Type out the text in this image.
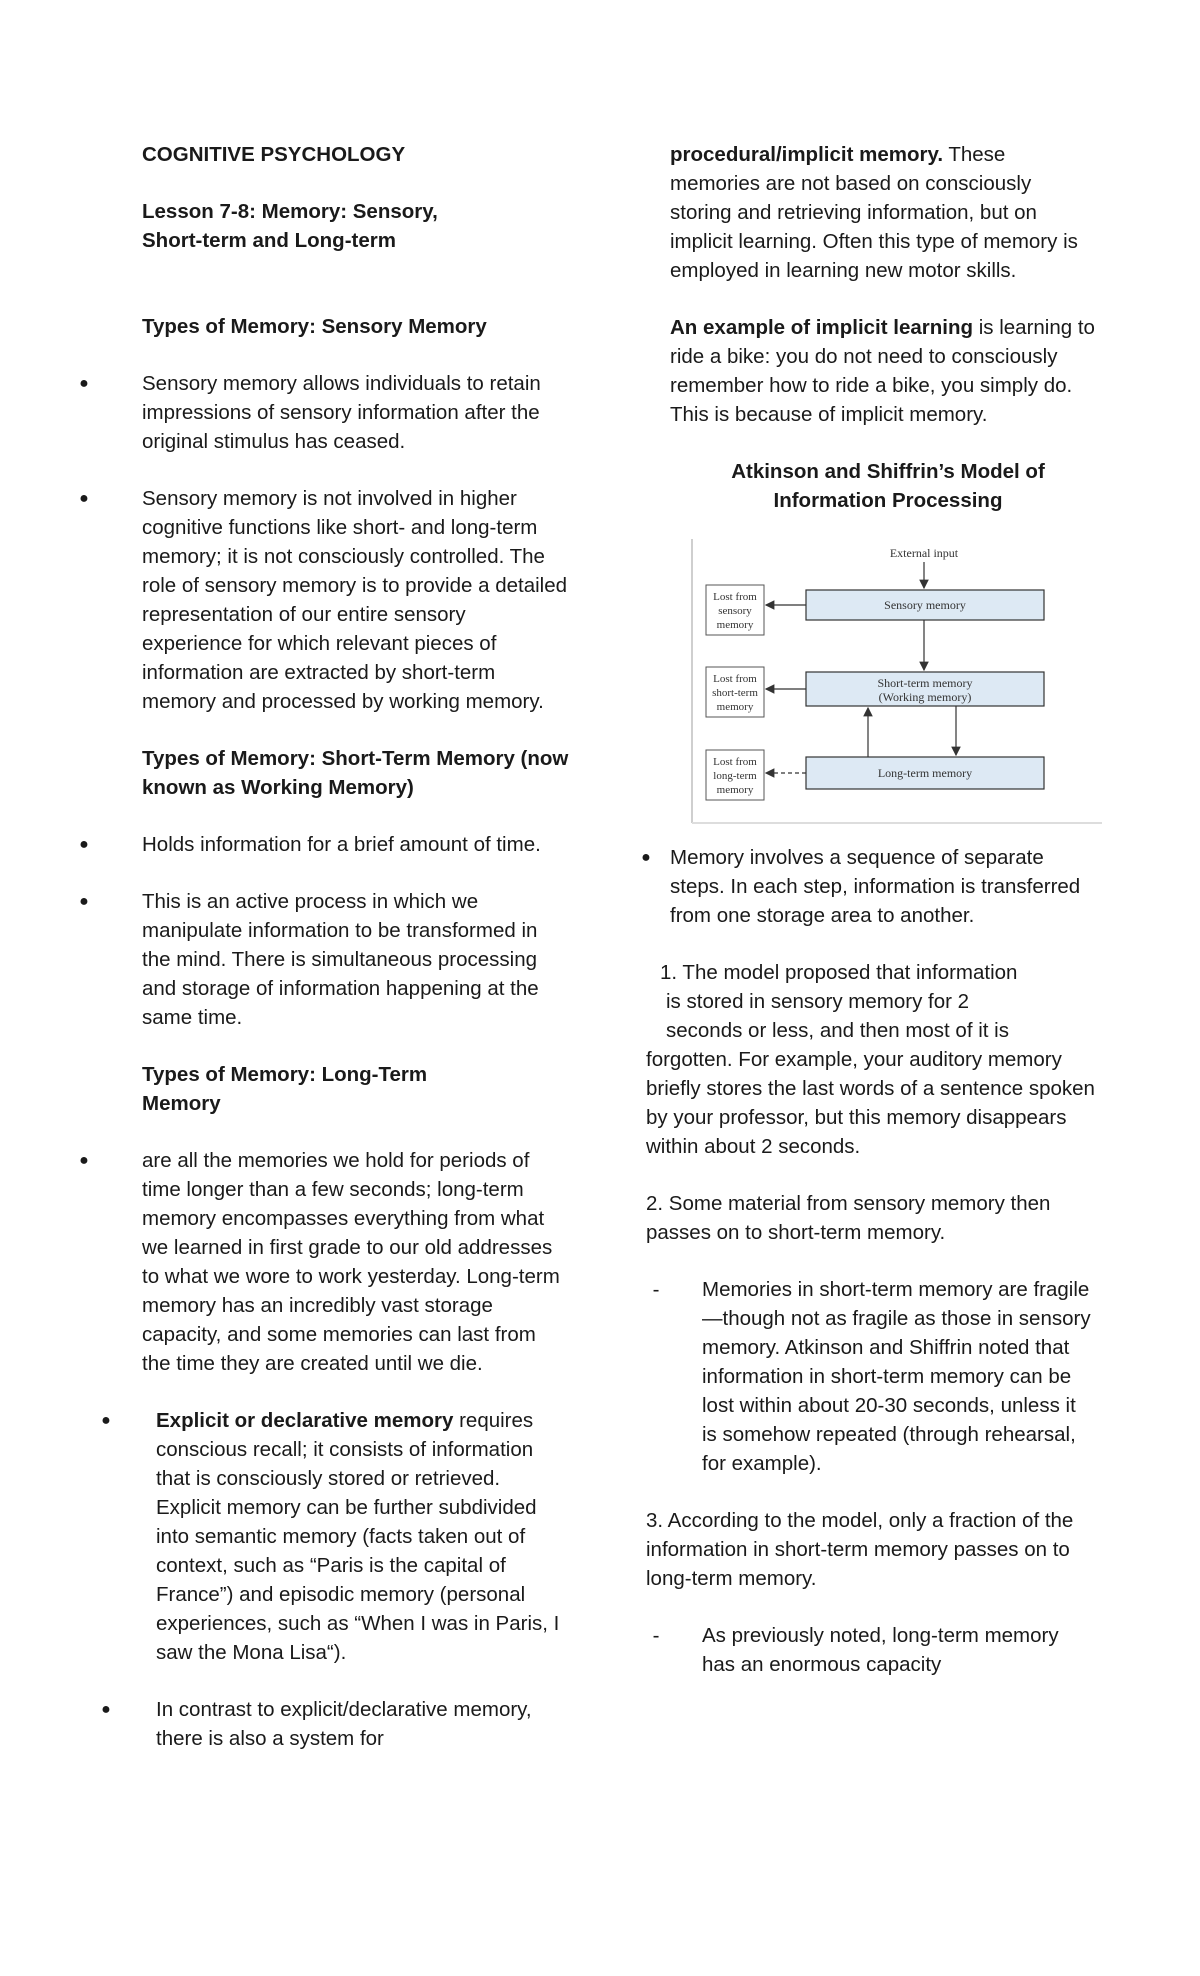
COGNITIVE PSYCHOLOGY
Lesson 7-8: Memory: Sensory, Short-term and Long-term
Types of Memory: Sensory Memory
●	Sensory memory allows individuals to retain impressions of sensory information after the original stimulus has ceased.
●	Sensory memory is not involved in higher cognitive functions like short- and long-term memory; it is not consciously controlled. The role of sensory memory is to provide a detailed representation of our entire sensory experience for which relevant pieces of information are extracted by short-term memory and processed by working memory.
Types of Memory: Short-Term Memory (now known as Working Memory)
●	Holds information for a brief amount of time.
●	This is an active process in which we manipulate information to be transformed in the mind. There is simultaneous processing and storage of information happening at the same time.
Types of Memory: Long-Term Memory
●	are all the memories we hold for periods of time longer than a few seconds; long-term memory encompasses everything from what we learned in first grade to our old addresses to what we wore to work yesterday. Long-term memory has an incredibly vast storage capacity, and some memories can last from the time they are created until we die.
● Explicit or declarative memory requires conscious recall; it consists of information that is consciously stored or retrieved. Explicit memory can be further subdivided into semantic memory (facts taken out of context, such as “Paris is the capital of France”) and episodic memory (personal experiences, such as “When I was in Paris, I saw the Mona Lisa“).
● In contrast to explicit/declarative memory, there is also a system for
procedural/implicit memory. These memories are not based on consciously storing and retrieving information, but on implicit learning. Often this type of memory is employed in learning new motor skills.
An example of implicit learning is learning to ride a bike: you do not need to consciously remember how to ride a bike, you simply do. This is because of implicit memory.
Atkinson and Shiffrin’s Model of Information Processing
External input
Sensory memory
Lost from
sensory
memory
Short-term memory
(Working memory)
Lost from
short-term
memory
Long-term memory
Lost from
long-term
memory
● Memory involves a sequence of separate steps. In each step, information is transferred from one storage area to another.
1. The model proposed that information
is stored in sensory memory for 2
seconds or less, and then most of it is
forgotten. For example, your auditory memory briefly stores the last words of a sentence spoken by your professor, but this memory disappears within about 2 seconds.
2. Some material from sensory memory then passes on to short-term memory.
-	Memories in short-term memory are fragile—though not as fragile as those in sensory memory. Atkinson and Shiffrin noted that information in short-term memory can be lost within about 20-30 seconds, unless it is somehow repeated (through rehearsal, for example).
3. According to the model, only a fraction of the information in short-term memory passes on to long-term memory.
-	As previously noted, long-term memory has an enormous capacity
